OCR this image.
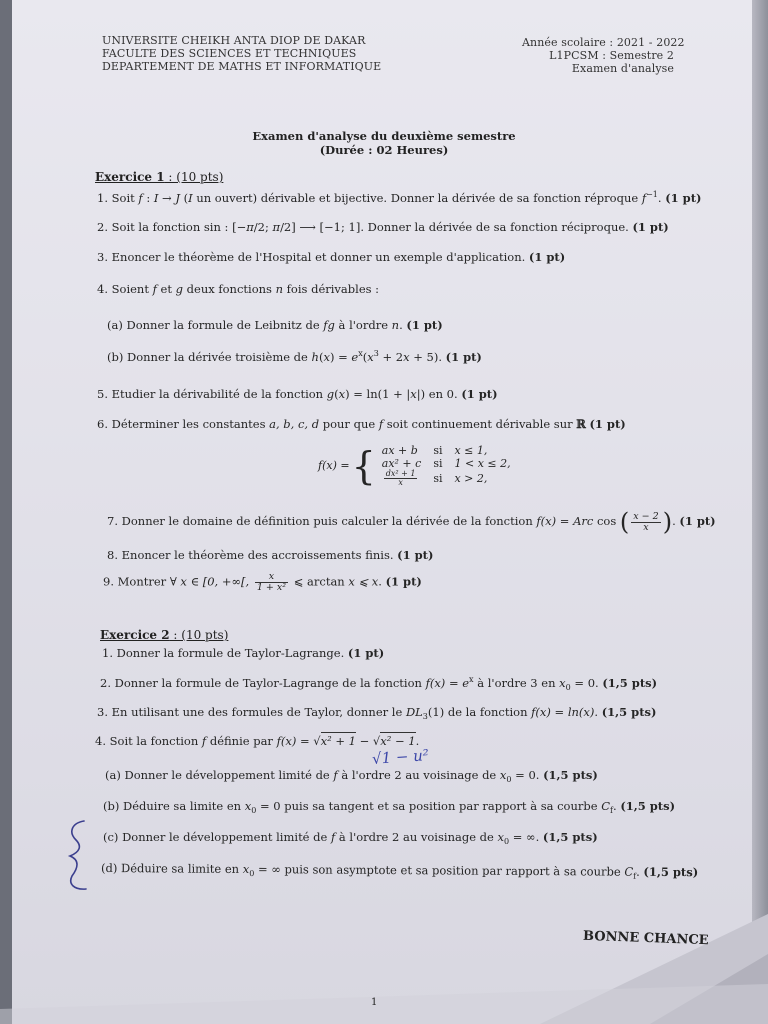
UNIVERSITE CHEIKH ANTA DIOP DE DAKAR
FACULTE DES SCIENCES ET TECHNIQUES
DEPARTEMENT DE MATHS ET INFORMATIQUE
Année scolaire : 2021 - 2022
L1PCSM : Semestre 2
Examen d'analyse
Examen d'analyse du deuxième semestre
(Durée : 02 Heures)
Exercice 1 : (10 pts)
1. Soit f : I → J (I un ouvert) dérivable et bijective. Donner la dérivée de sa fonction réproque $f^{-1}$. (1 pt)
2. Soit la fonction sin : [−π/2; π/2] ⟶ [−1; 1]. Donner la dérivée de sa fonction réciproque. (1 pt)
3. Enoncer le théorème de l'Hospital et donner un exemple d'application. (1 pt)
4. Soient f et g deux fonctions n fois dérivables :
(a) Donner la formule de Leibnitz de fg à l'ordre n. (1 pt)
(b) Donner la dérivée troisième de $h(x) = e^x(x^3 + 2x + 5)$. (1 pt)
5. Etudier la dérivabilité de la fonction g(x) = ln(1 + |x|) en 0. (1 pt)
6. Déterminer les constantes a, b, c, d pour que f soit continuement dérivable sur ℝ (1 pt)
f(x) =	{	ax + b	si	x ≤ 1,
		ax² + c	si	1 < x ≤ 2,

		$\frac{\text{dx² + 1}}{x}$	si	x > 2,
7. Donner le domaine de définition puis calculer la dérivée de la fonction f(x) = Arc cos ( $\frac{x - 2}{x}$ ). (1 pt)
8. Enoncer le théorème des accroissements finis. (1 pt)
9. Montrer ∀ x ∈ [0, +∞[, $\frac{x}{\text{1 + x²}}$ ⩽ arctan x ⩽ x. (1 pt)
Exercice 2 : (10 pts)
1. Donner la formule de Taylor-Lagrange. (1 pt)
2. Donner la formule de Taylor-Lagrange de la fonction $f(x) = e^x$ à l'ordre 3 en $x_0 = 0$. (1,5 pts)
3. En utilisant une des formules de Taylor, donner le $DL_3(1)$ de la fonction f(x) = ln(x). (1,5 pts)
4. Soit la fonction f définie par f(x) = √x² + 1 − √x² − 1.
√1 − u²
(a) Donner le développement limité de f à l'ordre 2 au voisinage de $x_0 = 0$. (1,5 pts)
(b) Déduire sa limite en $x_0 = 0$ puis sa tangent et sa position par rapport à sa courbe $C_f$. (1,5 pts)
(c) Donner le développement limité de f à l'ordre 2 au voisinage de $x_0$ = ∞. (1,5 pts)
(d) Déduire sa limite en $x_0$ = ∞ puis son asymptote et sa position par rapport à sa courbe $C_f$. (1,5 pts)
BONNE CHANCE
1
